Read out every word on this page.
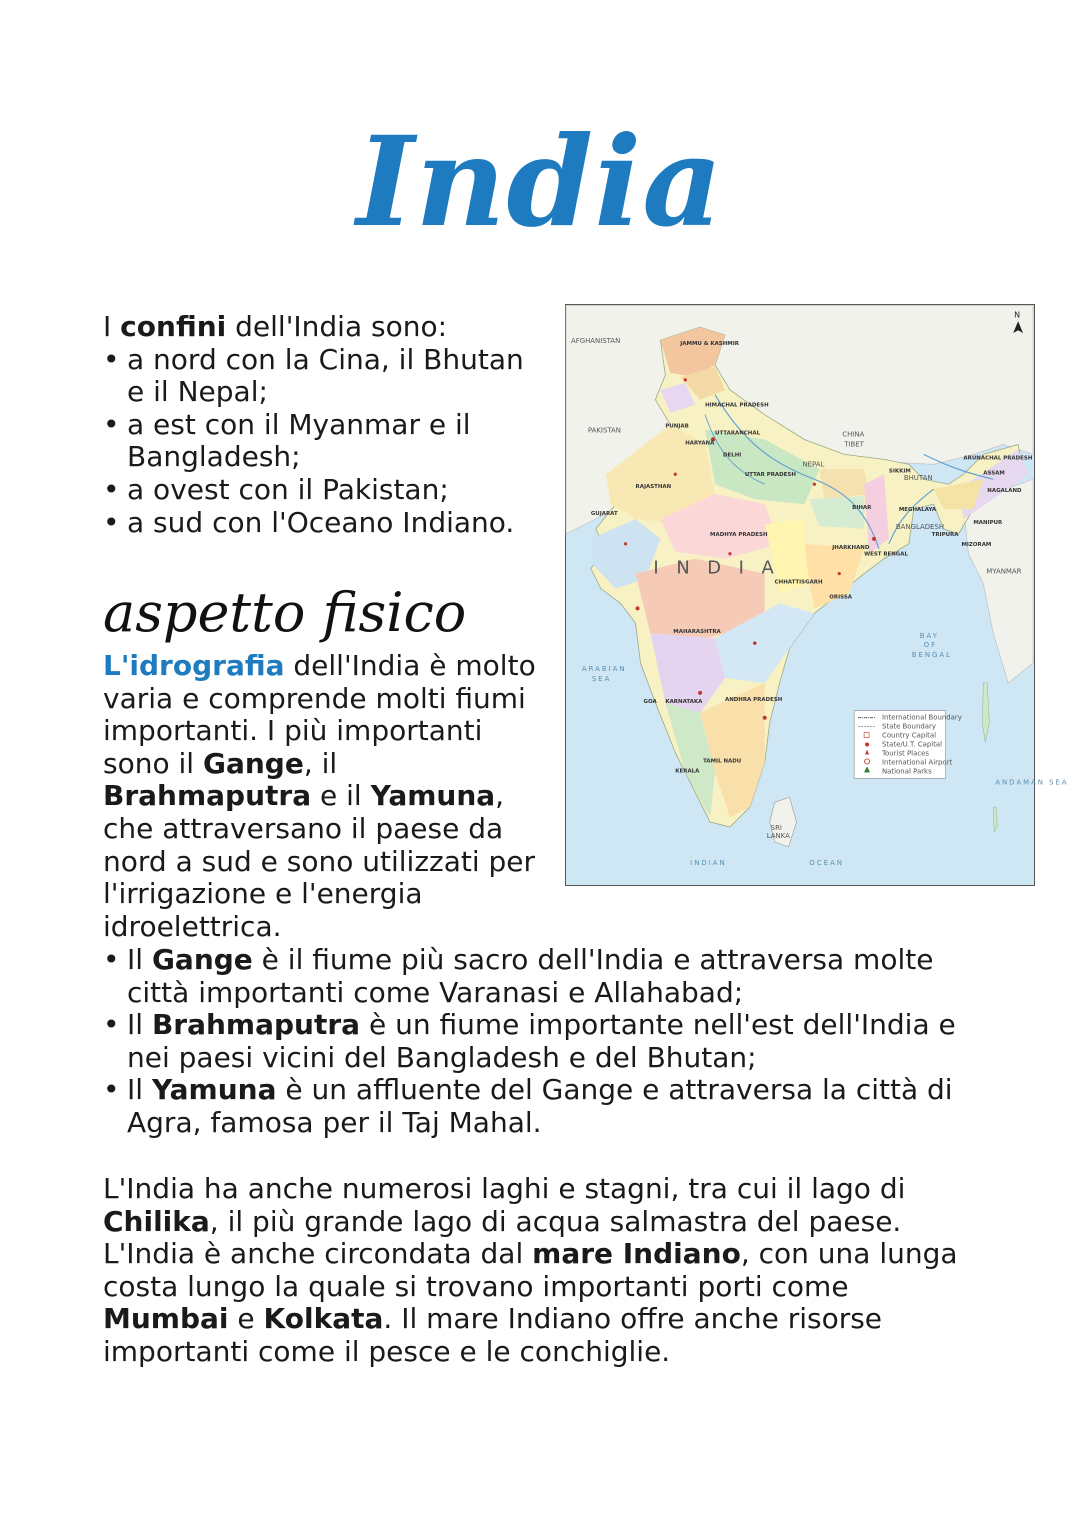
India

I confini dell'India sono:

• a nord con la Cina, il Bhutan e il Nepal;
• a est con il Myanmar e il Bangladesh;
• a ovest con il Pakistan;
• a sud con l'Oceano Indiano.
aspetto fisico

L'idrografia dell'India è molto varia e comprende molti fiumi importanti. I più importanti sono il Gange, il Brahmaputra e il Yamuna, che attraversano il paese da nord a sud e sono utilizzati per l'irrigazione e l'energia idroelettrica.

AFGHANISTAN
PAKISTAN	CHINA
TIBET
NEPAL
BHUTAN
BANGLADESH
MYANMAR
I N D I A
ARABIAN
SEA
BAY
OF
BENGAL
INDIAN	OCEAN
SRI
LANKA
ANDAMAN SEA
JAMMU & KASHMIR
HIMACHAL PRADESH
PUNJAB
UTTARANCHAL
HARYANA
DELHI
RAJASTHAN
UTTAR PRADESH
BIHAR
GUJARAT
MADHYA PRADESH
JHARKHAND
WEST BENGAL
CHHATTISGARH
ORISSA
MAHARASHTRA
ANDHRA PRADESH
KARNATAKA
GOA
TAMIL NADU
KERALA
SIKKIM	ASSAM
MEGHALAYA
ARUNACHAL PRADESH
NAGALAND
MANIPUR
MIZORAM
TRIPURA
N
International Boundary
State Boundary
Country Capital
State/U.T. Capital
Tourist Places
International Airport
National Parks
• Il Gange è il fiume più sacro dell'India e attraversa molte città importanti come Varanasi e Allahabad;
• Il Brahmaputra è un fiume importante nell'est dell'India e nei paesi vicini del Bangladesh e del Bhutan;
• Il Yamuna è un affluente del Gange e attraversa la città di Agra, famosa per il Taj Mahal.

L'India ha anche numerosi laghi e stagni, tra cui il lago di Chilika, il più grande lago di acqua salmastra del paese. L'India è anche circondata dal mare Indiano, con una lunga costa lungo la quale si trovano importanti porti come Mumbai e Kolkata. Il mare Indiano offre anche risorse importanti come il pesce e le conchiglie.
